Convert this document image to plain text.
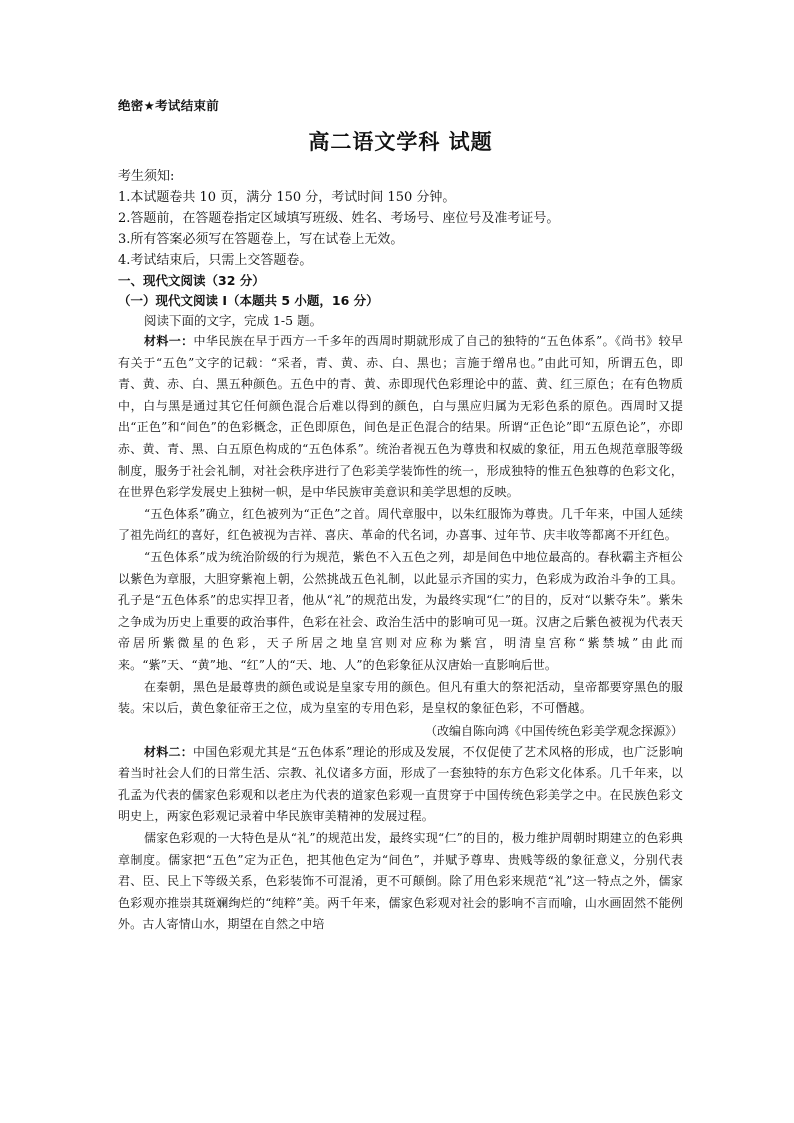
绝密★考试结束前
高二语文学科 试题
考生须知:
1.本试题卷共 10 页，满分 150 分，考试时间 150 分钟。
2.答题前，在答题卷指定区域填写班级、姓名、考场号、座位号及准考证号。
3.所有答案必须写在答题卷上，写在试卷上无效。
4.考试结束后，只需上交答题卷。
一、现代文阅读（32 分）
（一）现代文阅读 I（本题共 5 小题，16 分）
阅读下面的文字，完成 1-5 题。

材料一：中华民族在早于西方一千多年的西周时期就形成了自己的独特的“五色体系”。《尚书》较早有关于“五色”文字的记载：“采者，青、黄、赤、白、黑也；言施于缯帛也。”由此可知，所谓五色，即青、黄、赤、白、黑五种颜色。五色中的青、黄、赤即现代色彩理论中的蓝、黄、红三原色；在有色物质中，白与黑是通过其它任何颜色混合后难以得到的颜色，白与黑应归属为无彩色系的原色。西周时又提出“正色”和“间色”的色彩概念，正色即原色，间色是正色混合的结果。所谓“正色论”即“五原色论”，亦即赤、黄、青、黑、白五原色构成的“五色体系”。统治者视五色为尊贵和权威的象征，用五色规范章服等级制度，服务于社会礼制，对社会秩序进行了色彩美学装饰性的统一，形成独特的惟五色独尊的色彩文化，在世界色彩学发展史上独树一帜，是中华民族审美意识和美学思想的反映。

“五色体系”确立，红色被列为“正色”之首。周代章服中，以朱红服饰为尊贵。几千年来，中国人延续了祖先尚红的喜好，红色被视为吉祥、喜庆、革命的代名词，办喜事、过年节、庆丰收等都离不开红色。

“五色体系”成为统治阶级的行为规范，紫色不入五色之列，却是间色中地位最高的。春秋霸主齐桓公以紫色为章服，大胆穿紫袍上朝，公然挑战五色礼制，以此显示齐国的实力，色彩成为政治斗争的工具。孔子是“五色体系”的忠实捍卫者，他从“礼”的规范出发，为最终实现“仁”的目的，反对“以紫夺朱”。紫朱之争成为历史上重要的政治事件，色彩在社会、政治生活中的影响可见一斑。汉唐之后紫色被视为代表天帝居所紫微星的色彩，天子所居之地皇宫则对应称为紫宫，明清皇宫称“紫禁城”由此而来。“紫”天、“黄”地、“红”人的“天、地、人”的色彩象征从汉唐始一直影响后世。

在秦朝，黑色是最尊贵的颜色或说是皇家专用的颜色。但凡有重大的祭祀活动，皇帝都要穿黑色的服装。宋以后，黄色象征帝王之位，成为皇室的专用色彩，是皇权的象征色彩，不可僭越。

（改编自陈向鸿《中国传统色彩美学观念探源》）

材料二：中国色彩观尤其是“五色体系”理论的形成及发展，不仅促使了艺术风格的形成，也广泛影响着当时社会人们的日常生活、宗教、礼仪诸多方面，形成了一套独特的东方色彩文化体系。几千年来，以孔孟为代表的儒家色彩观和以老庄为代表的道家色彩观一直贯穿于中国传统色彩美学之中。在民族色彩文明史上，两家色彩观记录着中华民族审美精神的发展过程。

儒家色彩观的一大特色是从“礼”的规范出发，最终实现“仁”的目的，极力维护周朝时期建立的色彩典章制度。儒家把“五色”定为正色，把其他色定为“间色”，并赋予尊卑、贵贱等级的象征意义，分别代表君、臣、民上下等级关系，色彩装饰不可混淆，更不可颠倒。除了用色彩来规范“礼”这一特点之外，儒家色彩观亦推崇其斑斓绚烂的“纯粹”美。两千年来，儒家色彩观对社会的影响不言而喻，山水画固然不能例外。古人寄情山水，期望在自然之中培
